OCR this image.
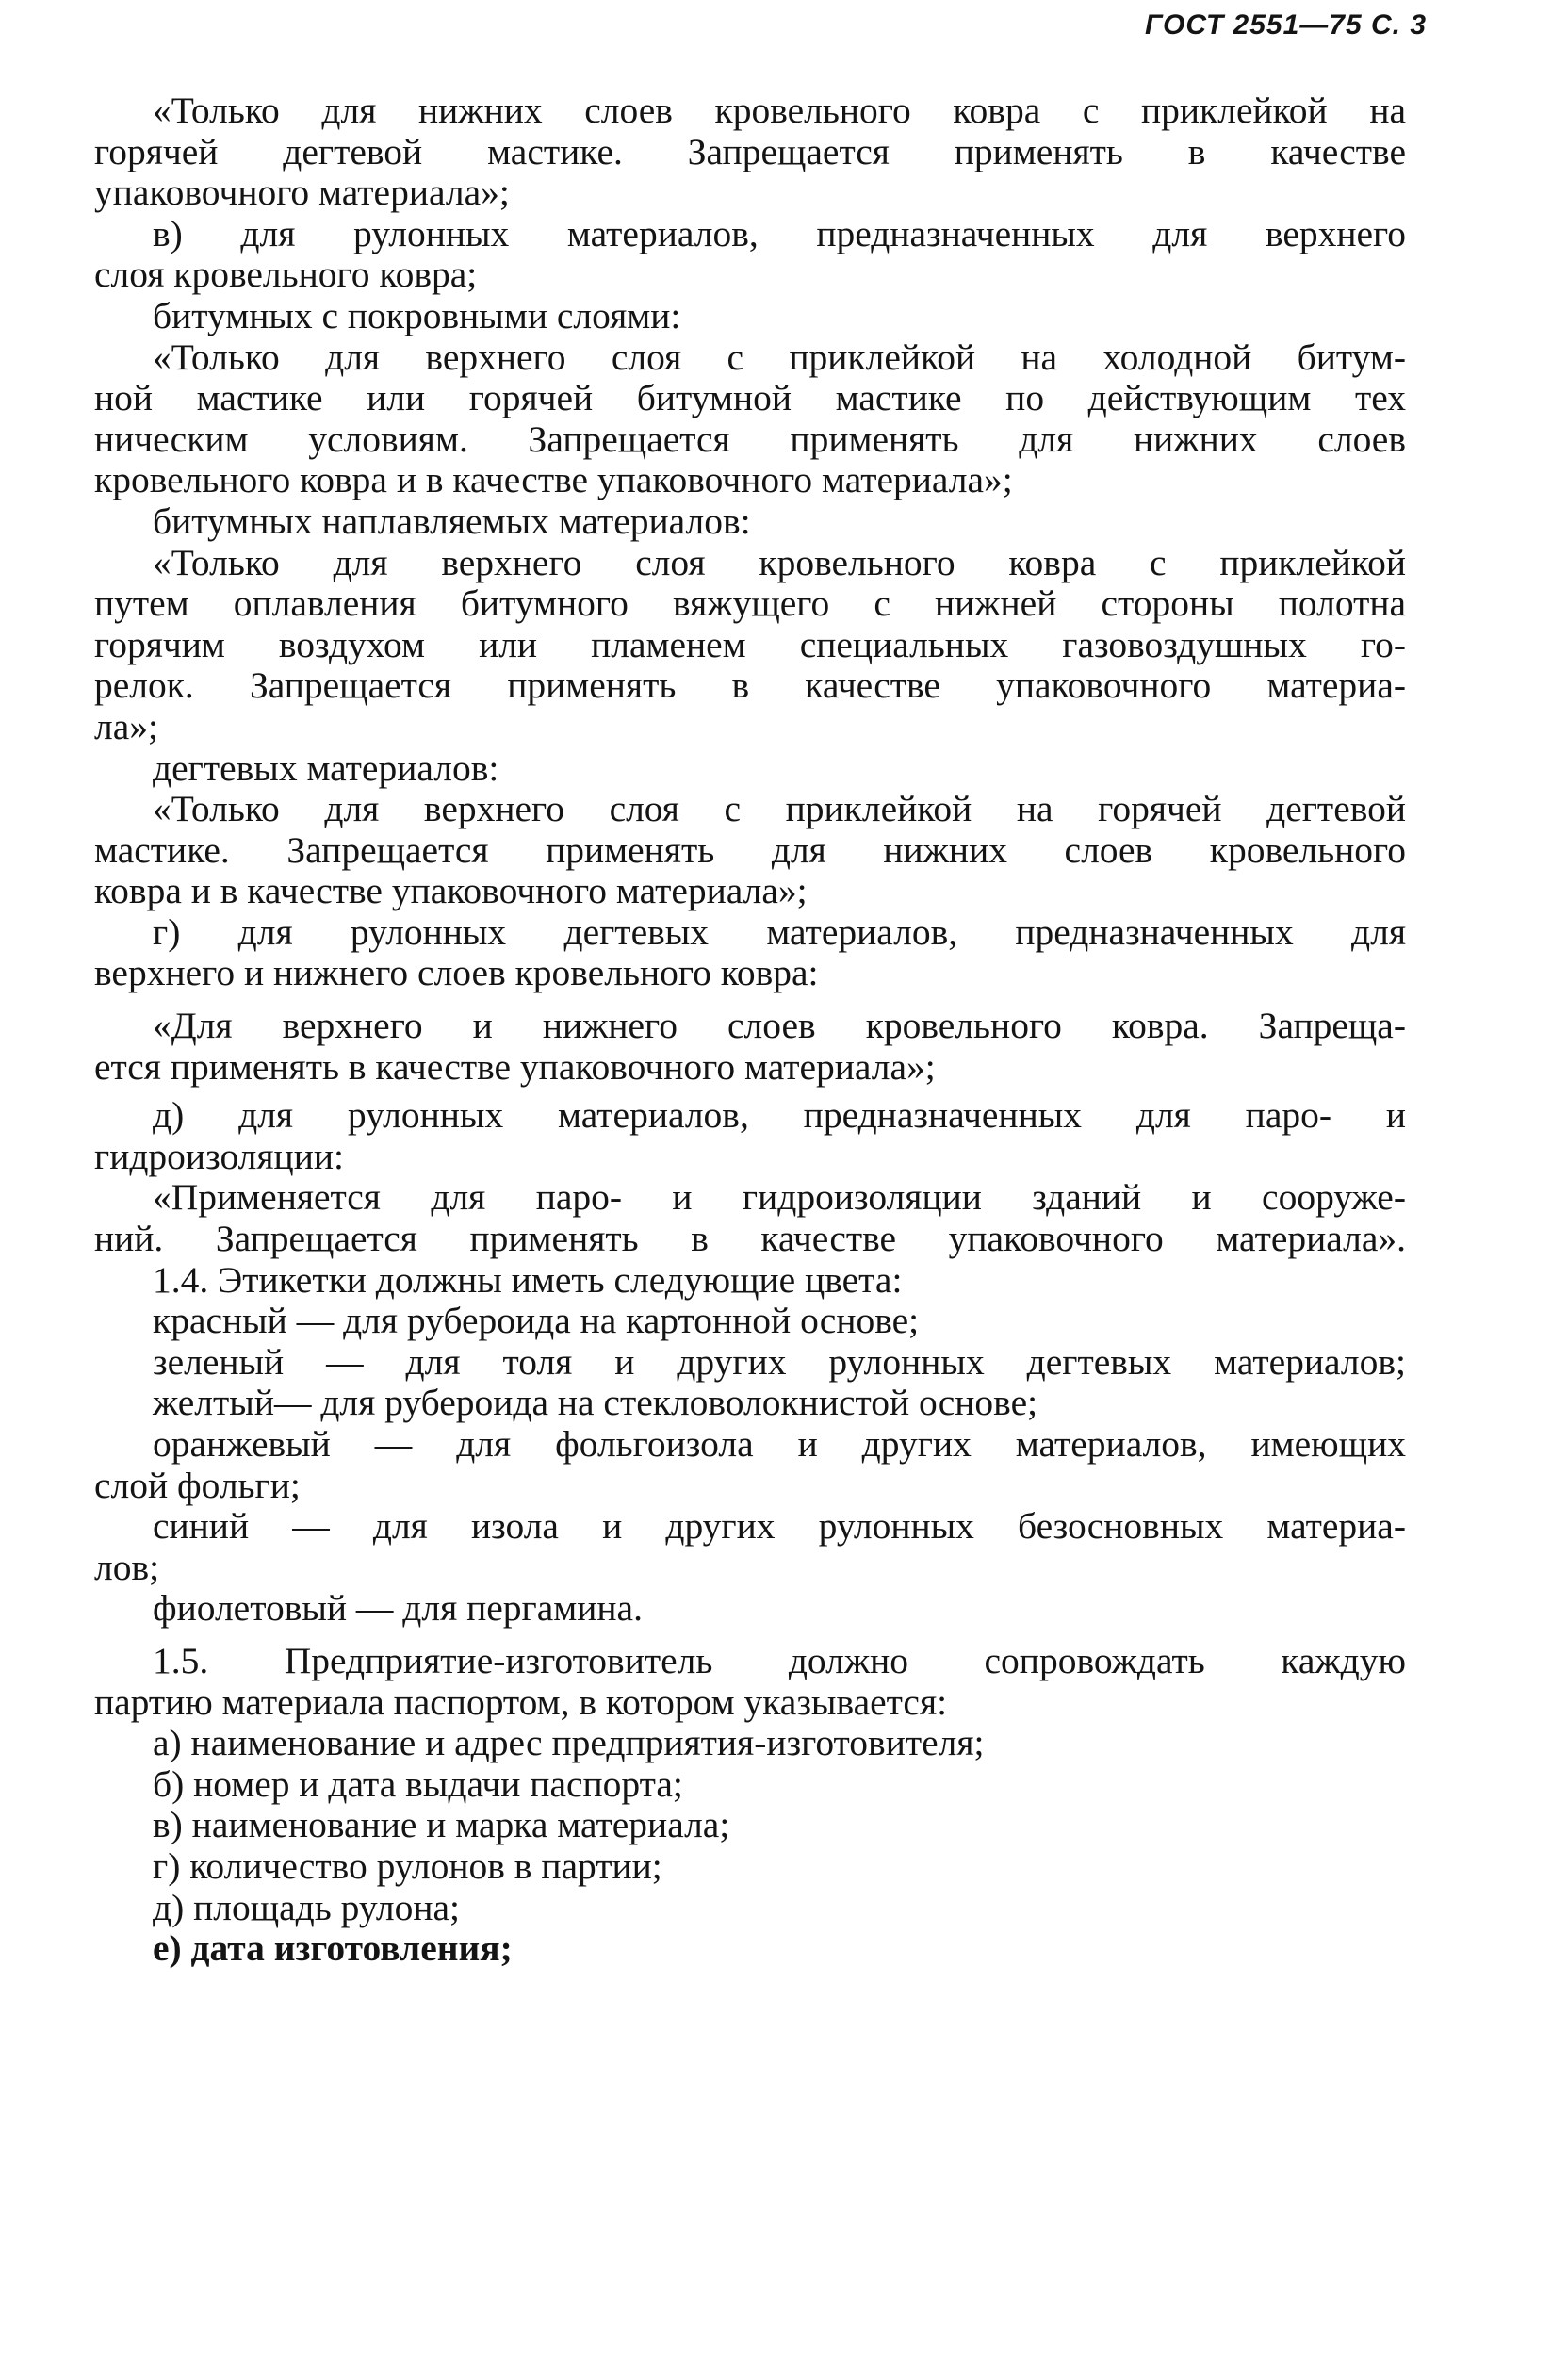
ГОСТ 2551—75 С. 3
«Только для нижних слоев кровельного ковра с приклейкой на
горячей дегтевой мастике. Запрещается применять в качестве
упаковочного материала»;
в) для рулонных материалов, предназначенных для верхнего
слоя кровельного ковра;
битумных с покровными слоями:
«Только для верхнего слоя с приклейкой на холодной битум-
ной мастике или горячей битумной мастике по действующим тех
ническим условиям. Запрещается применять для нижних слоев
кровельного ковра и в качестве упаковочного материала»;
битумных наплавляемых материалов:
«Только для верхнего слоя кровельного ковра с приклейкой
путем оплавления битумного вяжущего с нижней стороны полотна
горячим воздухом или пламенем специальных газовоздушных го-
релок. Запрещается применять в качестве упаковочного материа-
ла»;
дегтевых материалов:
«Только для верхнего слоя с приклейкой на горячей дегтевой
мастике. Запрещается применять для нижних слоев кровельного
ковра и в качестве упаковочного материала»;
г) для рулонных дегтевых материалов, предназначенных для
верхнего и нижнего слоев кровельного ковра:
«Для верхнего и нижнего слоев кровельного ковра. Запреща-
ется применять в качестве упаковочного материала»;
д) для рулонных материалов, предназначенных для паро- и
гидроизоляции:
«Применяется для паро- и гидроизоляции зданий и сооруже-
ний. Запрещается применять в качестве упаковочного материала».
1.4. Этикетки должны иметь следующие цвета:
красный — для рубероида на картонной основе;
зеленый — для толя и других рулонных дегтевых материалов;
желтый— для рубероида на стекловолокнистой основе;
оранжевый — для фольгоизола и других материалов, имеющих
слой фольги;
синий — для изола и других рулонных безосновных материа-
лов;
фиолетовый — для пергамина.
1.5. Предприятие-изготовитель должно сопровождать каждую
партию материала паспортом, в котором указывается:
а) наименование и адрес предприятия-изготовителя;
б) номер и дата выдачи паспорта;
в) наименование и марка материала;
г) количество рулонов в партии;
д) площадь рулона;
е) дата изготовления;
